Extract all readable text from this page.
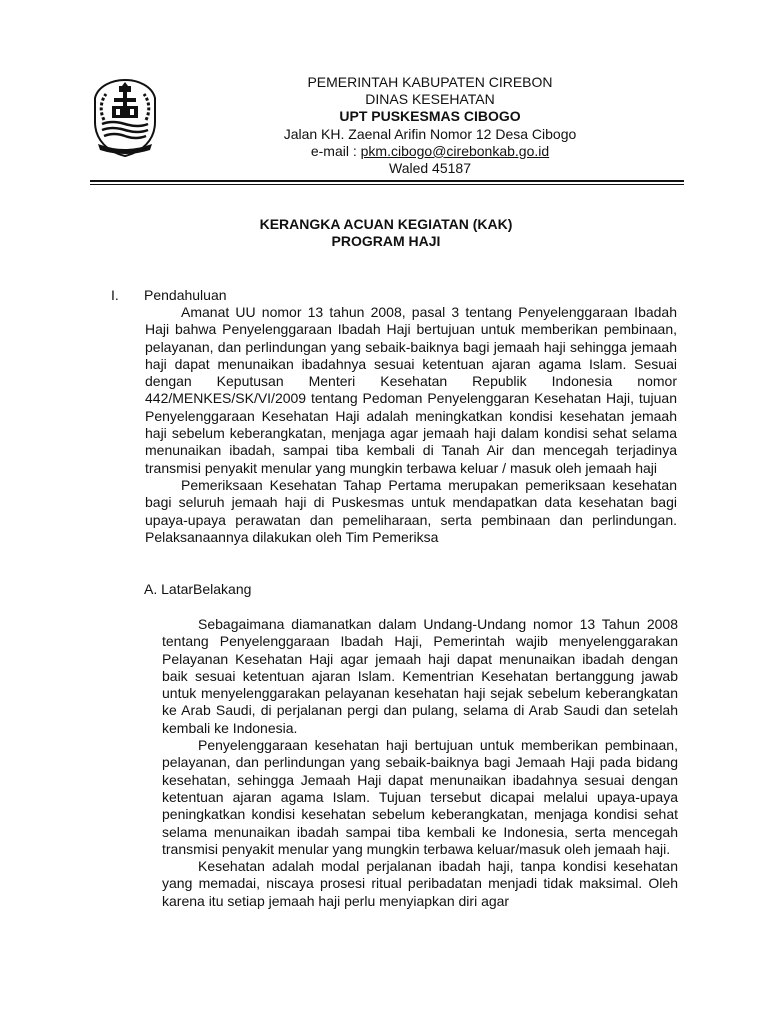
PEMERINTAH KABUPATEN CIREBON
DINAS KESEHATAN
UPT PUSKESMAS CIBOGO
Jalan KH. Zaenal Arifin Nomor 12 Desa Cibogo
e-mail : pkm.cibogo@cirebonkab.go.id
Waled 45187
KERANGKA ACUAN KEGIATAN (KAK)
PROGRAM HAJI
I. Pendahuluan

Amanat UU nomor 13 tahun 2008, pasal 3 tentang Penyelenggaraan Ibadah Haji bahwa Penyelenggaraan Ibadah Haji bertujuan untuk memberikan pembinaan, pelayanan, dan perlindungan yang sebaik-baiknya bagi jemaah haji sehingga jemaah haji dapat menunaikan ibadahnya sesuai ketentuan ajaran agama Islam. Sesuai dengan Keputusan Menteri Kesehatan Republik Indonesia nomor 442/MENKES/SK/VI/2009 tentang Pedoman Penyelenggaran Kesehatan Haji, tujuan Penyelenggaraan Kesehatan Haji adalah meningkatkan kondisi kesehatan jemaah haji sebelum keberangkatan, menjaga agar jemaah haji dalam kondisi sehat selama menunaikan ibadah, sampai tiba kembali di Tanah Air dan mencegah terjadinya transmisi penyakit menular yang mungkin terbawa keluar / masuk oleh jemaah haji

Pemeriksaan Kesehatan Tahap Pertama merupakan pemeriksaan kesehatan bagi seluruh jemaah haji di Puskesmas untuk mendapatkan data kesehatan bagi upaya-upaya perawatan dan pemeliharaan, serta pembinaan dan perlindungan. Pelaksanaannya dilakukan oleh Tim Pemeriksa

A. LatarBelakang

Sebagaimana diamanatkan dalam Undang-Undang nomor 13 Tahun 2008 tentang Penyelenggaraan Ibadah Haji, Pemerintah wajib menyelenggarakan Pelayanan Kesehatan Haji agar jemaah haji dapat menunaikan ibadah dengan baik sesuai ketentuan ajaran Islam. Kementrian Kesehatan bertanggung jawab untuk menyelenggarakan pelayanan kesehatan haji sejak sebelum keberangkatan ke Arab Saudi, di perjalanan pergi dan pulang, selama di Arab Saudi dan setelah kembali ke Indonesia.

Penyelenggaraan kesehatan haji bertujuan untuk memberikan pembinaan, pelayanan, dan perlindungan yang sebaik-baiknya bagi Jemaah Haji pada bidang kesehatan, sehingga Jemaah Haji dapat menunaikan ibadahnya sesuai dengan ketentuan ajaran agama Islam. Tujuan tersebut dicapai melalui upaya-upaya peningkatkan kondisi kesehatan sebelum keberangkatan, menjaga kondisi sehat selama menunaikan ibadah sampai tiba kembali ke Indonesia, serta mencegah transmisi penyakit menular yang mungkin terbawa keluar/masuk oleh jemaah haji.

Kesehatan adalah modal perjalanan ibadah haji, tanpa kondisi kesehatan yang memadai, niscaya prosesi ritual peribadatan menjadi tidak maksimal. Oleh karena itu setiap jemaah haji perlu menyiapkan diri agar
